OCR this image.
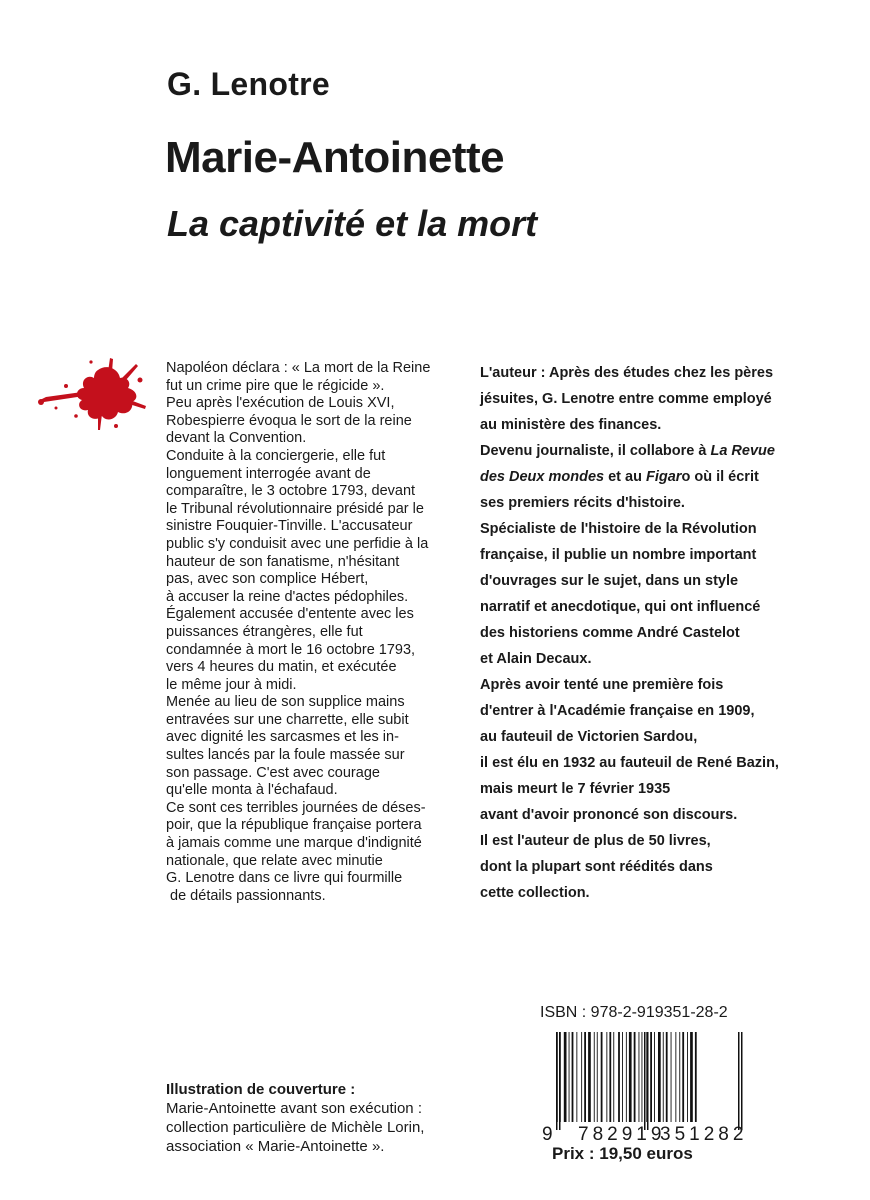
G. Lenotre
Marie-Antoinette
La captivité et la mort
Napoléon déclara : « La mort de la Reine
fut un crime pire que le régicide ».
Peu après l'exécution de Louis XVI,
Robespierre évoqua le sort de la reine
devant la Convention.
Conduite à la conciergerie, elle fut
longuement interrogée avant de
comparaître, le 3 octobre 1793, devant
le Tribunal révolutionnaire présidé par le
sinistre Fouquier-Tinville. L'accusateur
public s'y conduisit avec une perfidie à la
hauteur de son fanatisme, n'hésitant
pas, avec son complice Hébert,
à accuser la reine d'actes pédophiles.
Également accusée d'entente avec les
puissances étrangères, elle fut
condamnée à mort le 16 octobre 1793,
vers 4 heures du matin, et exécutée
le même jour à midi.
Menée au lieu de son supplice mains
entravées sur une charrette, elle subit
avec dignité les sarcasmes et les in-
sultes lancés par la foule massée sur
son passage. C'est avec courage
qu'elle monta à l'échafaud.
Ce sont ces terribles journées de déses-
poir, que la république française portera
à jamais comme une marque d'indignité
nationale, que relate avec minutie
G. Lenotre dans ce livre qui fourmille
de détails passionnants.
L'auteur : Après des études chez les pères
jésuites, G. Lenotre entre comme employé
au ministère des finances.
Devenu journaliste, il collabore à La Revue
des Deux mondes et au Figaro où il écrit
ses premiers récits d'histoire.
Spécialiste de l'histoire de la Révolution
française, il publie un nombre important
d'ouvrages sur le sujet, dans un style
narratif et anecdotique, qui ont influencé
des historiens comme André Castelot
et Alain Decaux.
Après avoir tenté une première fois
d'entrer à l'Académie française en 1909,
au fauteuil de Victorien Sardou,
il est élu en 1932 au fauteuil de René Bazin,
mais meurt le 7 février 1935
avant d'avoir prononcé son discours.
Il est l'auteur de plus de 50 livres,
dont la plupart sont réédités dans
cette collection.
ISBN : 978-2-919351-28-2
9 782919
351282
Prix : 19,50 euros
Illustration de couverture :
Marie-Antoinette avant son exécution :
collection particulière de Michèle Lorin,
association « Marie-Antoinette ».
